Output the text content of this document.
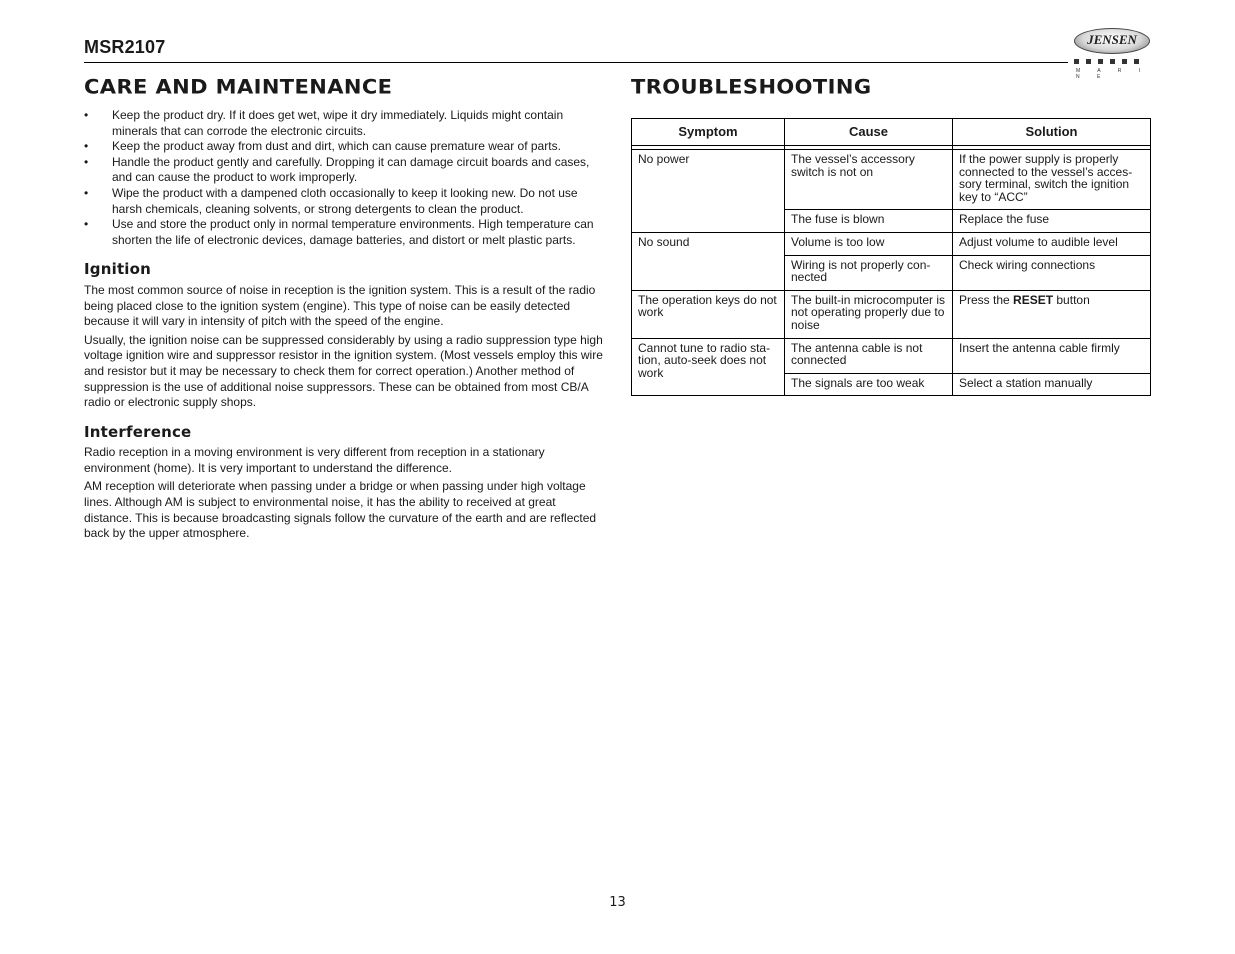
MSR2107	JENSEN
M A R I N E
CARE AND MAINTENANCE	TROUBLESHOOTING
• Keep the product dry. If it does get wet, wipe it dry immediately. Liquids might contain minerals that can corrode the electronic circuits.
• Keep the product away from dust and dirt, which can cause premature wear of parts.
• Handle the product gently and carefully. Dropping it can damage circuit boards and cases, and can cause the product to work improperly.
• Wipe the product with a dampened cloth occasionally to keep it looking new. Do not use harsh chemicals, cleaning solvents, or strong detergents to clean the product.
• Use and store the product only in normal temperature environments. High temperature can shorten the life of electronic devices, damage batteries, and distort or melt plastic parts.
Ignition

The most common source of noise in reception is the ignition system. This is a result of the radio being placed close to the ignition system (engine). This type of noise can be easily detected because it will vary in intensity of pitch with the speed of the engine.

Usually, the ignition noise can be suppressed considerably by using a radio suppression type high voltage ignition wire and suppressor resistor in the ignition system. (Most vessels employ this wire and resistor but it may be necessary to check them for correct operation.) Another method of suppression is the use of additional noise suppressors. These can be obtained from most CB/A radio or electronic supply shops.

Interference

Radio reception in a moving environment is very different from reception in a stationary environment (home). It is very important to understand the difference.

AM reception will deteriorate when passing under a bridge or when passing under high voltage lines. Although AM is subject to environmental noise, it has the ability to received at great distance. This is because broadcasting signals follow the curvature of the earth and are reflected back by the upper atmosphere.

Symptom	Cause	Solution

No power	The vessel’s accessory switch is not on	If the power supply is properly connected to the vessel’s acces-sory terminal, switch the ignition key to “ACC”
	The fuse is blown	Replace the fuse
No sound	Volume is too low	Adjust volume to audible level
	Wiring is not properly con-nected	Check wiring connections
The operation keys do not work	The built-in microcomputer is not operating properly due to noise	Press the RESET button
Cannot tune to radio sta-tion, auto-seek does not work	The antenna cable is not connected	Insert the antenna cable firmly
	The signals are too weak	Select a station manually
13
